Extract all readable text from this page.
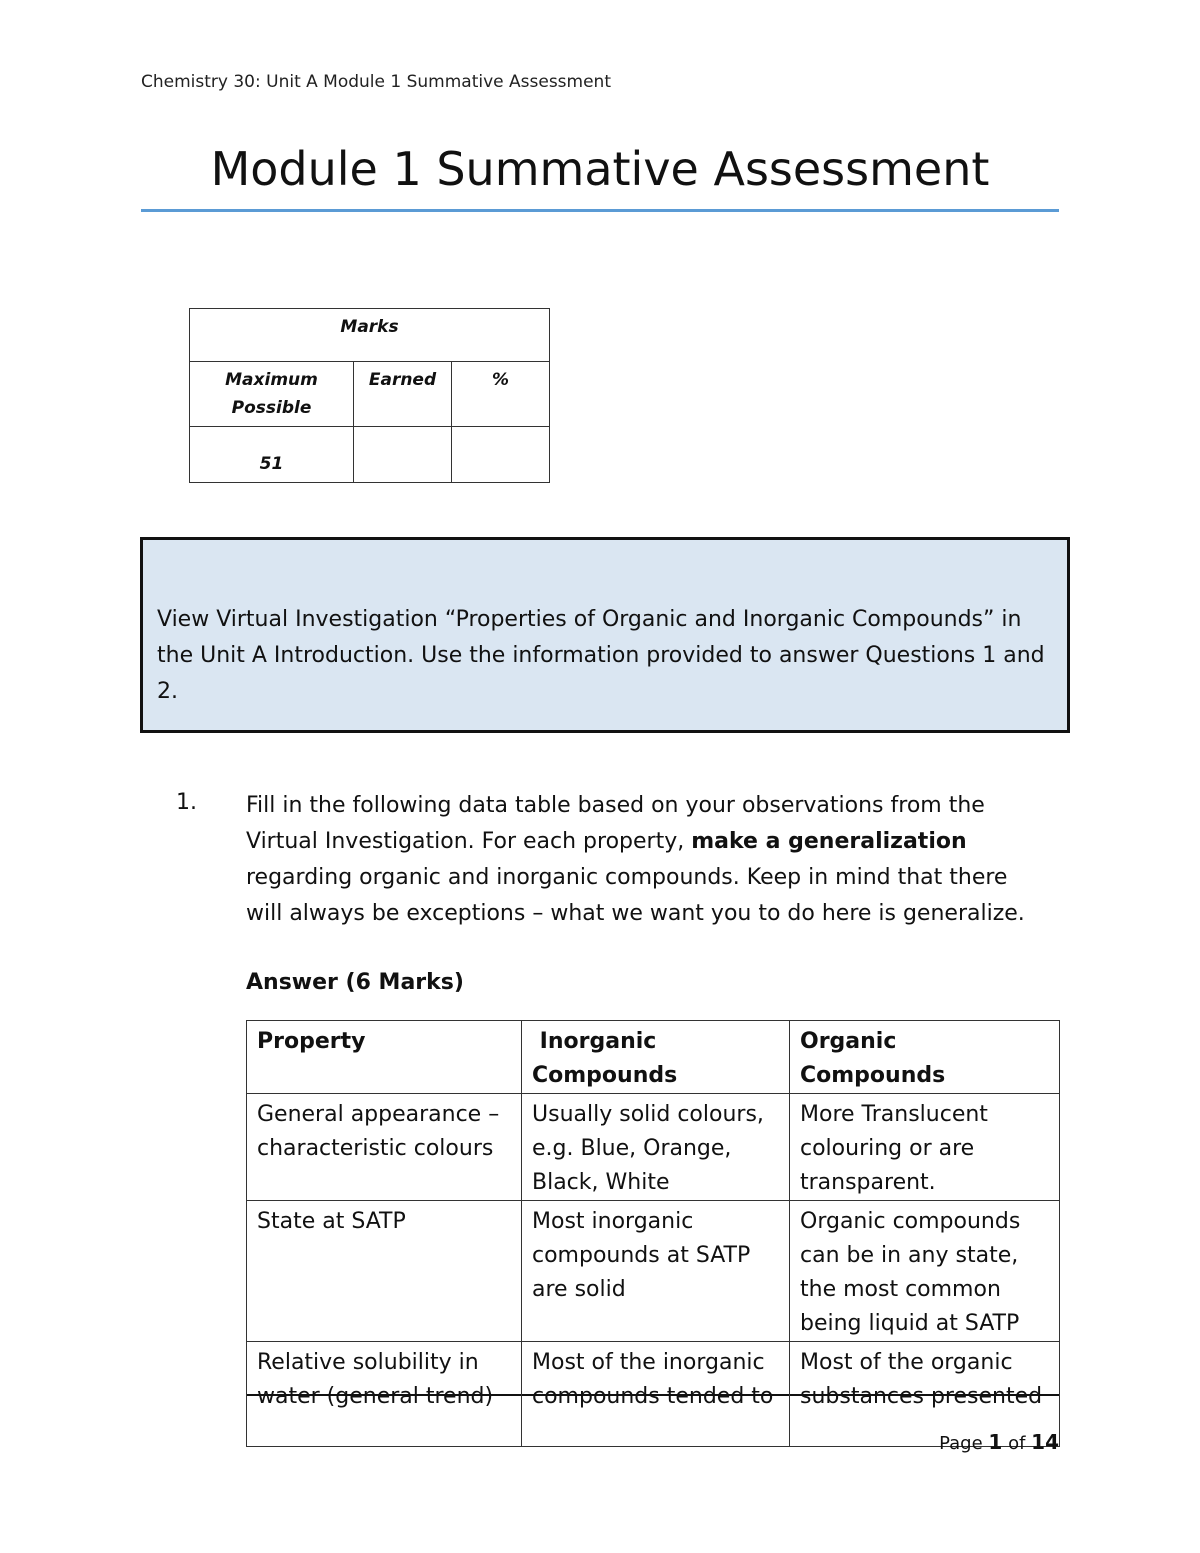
Chemistry 30: Unit A Module 1 Summative Assessment
Module 1 Summative Assessment
Marks		
Maximum Possible	Earned	%
51		
View Virtual Investigation “Properties of Organic and Inorganic Compounds” in the Unit A Introduction. Use the information provided to answer Questions 1 and 2.
1. Fill in the following data table based on your observations from the Virtual Investigation. For each property, make a generalization regarding organic and inorganic compounds. Keep in mind that there will always be exceptions – what we want you to do here is generalize.
Answer (6 Marks)
Property	Inorganic Compounds	Organic Compounds
General appearance – characteristic colours	Usually solid colours, e.g. Blue, Orange, Black, White	More Translucent colouring or are transparent.
State at SATP	Most inorganic compounds at SATP are solid	Organic compounds can be in any state, the most common being liquid at SATP
Relative solubility in water (general trend)	Most of the inorganic compounds tended to	Most of the organic substances presented
Page 1 of 14
